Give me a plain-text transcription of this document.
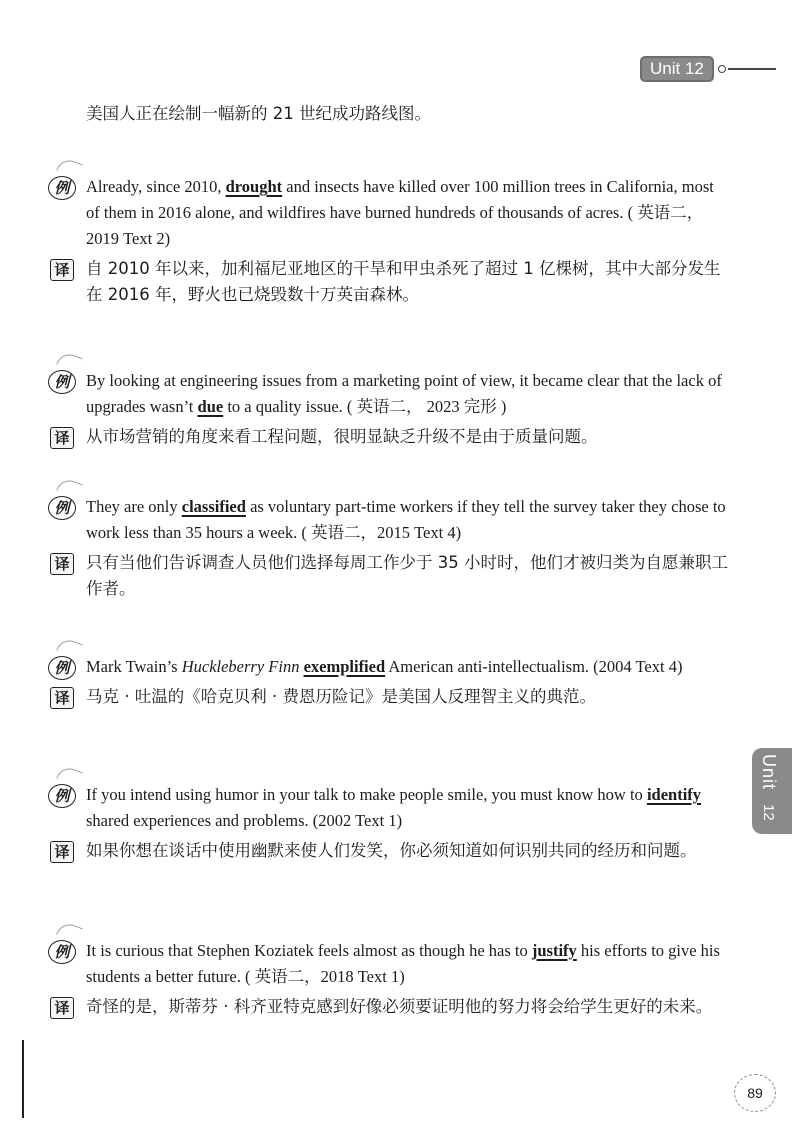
Unit 12
Unit
12
美国人正在绘制一幅新的 21 世纪成功路线图。
例	Already, since 2010, drought and insects have killed over 100 million trees in California, most of them in 2016 alone, and wildfires have burned hundreds of thousands of acres. ( 英语二，2019 Text 2)
译 自 2010 年以来，加利福尼亚地区的干旱和甲虫杀死了超过 1 亿棵树，其中大部分发生在 2016 年，野火也已烧毁数十万英亩森林。
例	By looking at engineering issues from a marketing point of view, it became clear that the lack of upgrades wasn’t due to a quality issue. ( 英语二， 2023 完形 )
译 从市场营销的角度来看工程问题，很明显缺乏升级不是由于质量问题。
例	They are only classified as voluntary part-time workers if they tell the survey taker they chose to work less than 35 hours a week. ( 英语二，2015 Text 4)
译 只有当他们告诉调查人员他们选择每周工作少于 35 小时时，他们才被归类为自愿兼职工作者。
例	Mark Twain’s Huckleberry Finn exemplified American anti-intellectualism. (2004 Text 4)
译 马克 · 吐温的《哈克贝利 · 费恩历险记》是美国人反理智主义的典范。
例	If you intend using humor in your talk to make people smile, you must know how to identify shared experiences and problems. (2002 Text 1)
译 如果你想在谈话中使用幽默来使人们发笑，你必须知道如何识别共同的经历和问题。
例	It is curious that Stephen Koziatek feels almost as though he has to justify his efforts to give his students a better future. ( 英语二，2018 Text 1)
译 奇怪的是，斯蒂芬 · 科齐亚特克感到好像必须要证明他的努力将会给学生更好的未来。
89
